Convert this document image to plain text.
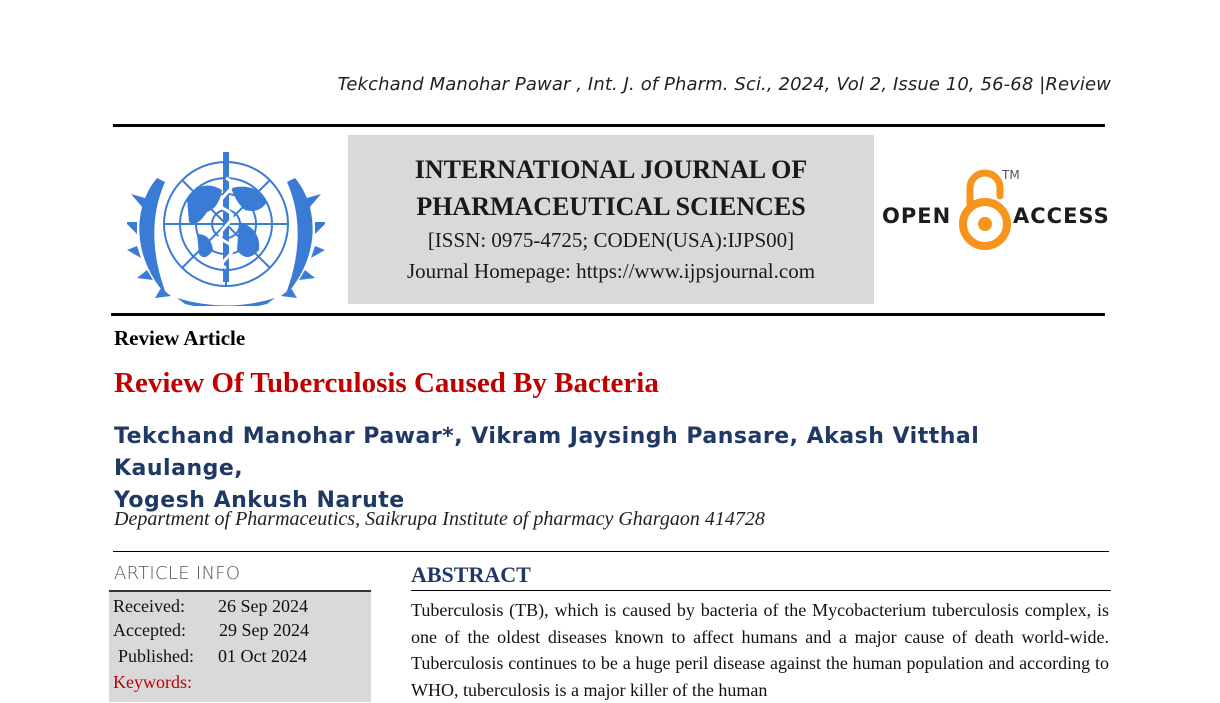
Tekchand Manohar Pawar , Int. J. of Pharm. Sci., 2024, Vol 2, Issue 10, 56-68 |Review
INTERNATIONAL JOURNAL OF
PHARMACEUTICAL SCIENCES
[ISSN: 0975-4725; CODEN(USA):IJPS00]
Journal Homepage: https://www.ijpsjournal.com
OPEN
TM
ACCESS
Review Article
Review Of Tuberculosis Caused By Bacteria
Tekchand Manohar Pawar*, Vikram Jaysingh Pansare, Akash Vitthal Kaulange,
Yogesh Ankush Narute
Department of Pharmaceutics, Saikrupa Institute of pharmacy Ghargaon 414728
ARTICLE INFO
Received: 26 Sep 2024
Accepted: 29 Sep 2024
Published: 01 Oct 2024
Keywords:
ABSTRACT
Tuberculosis (TB), which is caused by bacteria of the Mycobacterium tuberculosis complex, is one of the oldest diseases known to affect humans and a major cause of death world-wide. Tuberculosis continues to be a huge peril disease against the human population and according to WHO, tuberculosis is a major killer of the human
